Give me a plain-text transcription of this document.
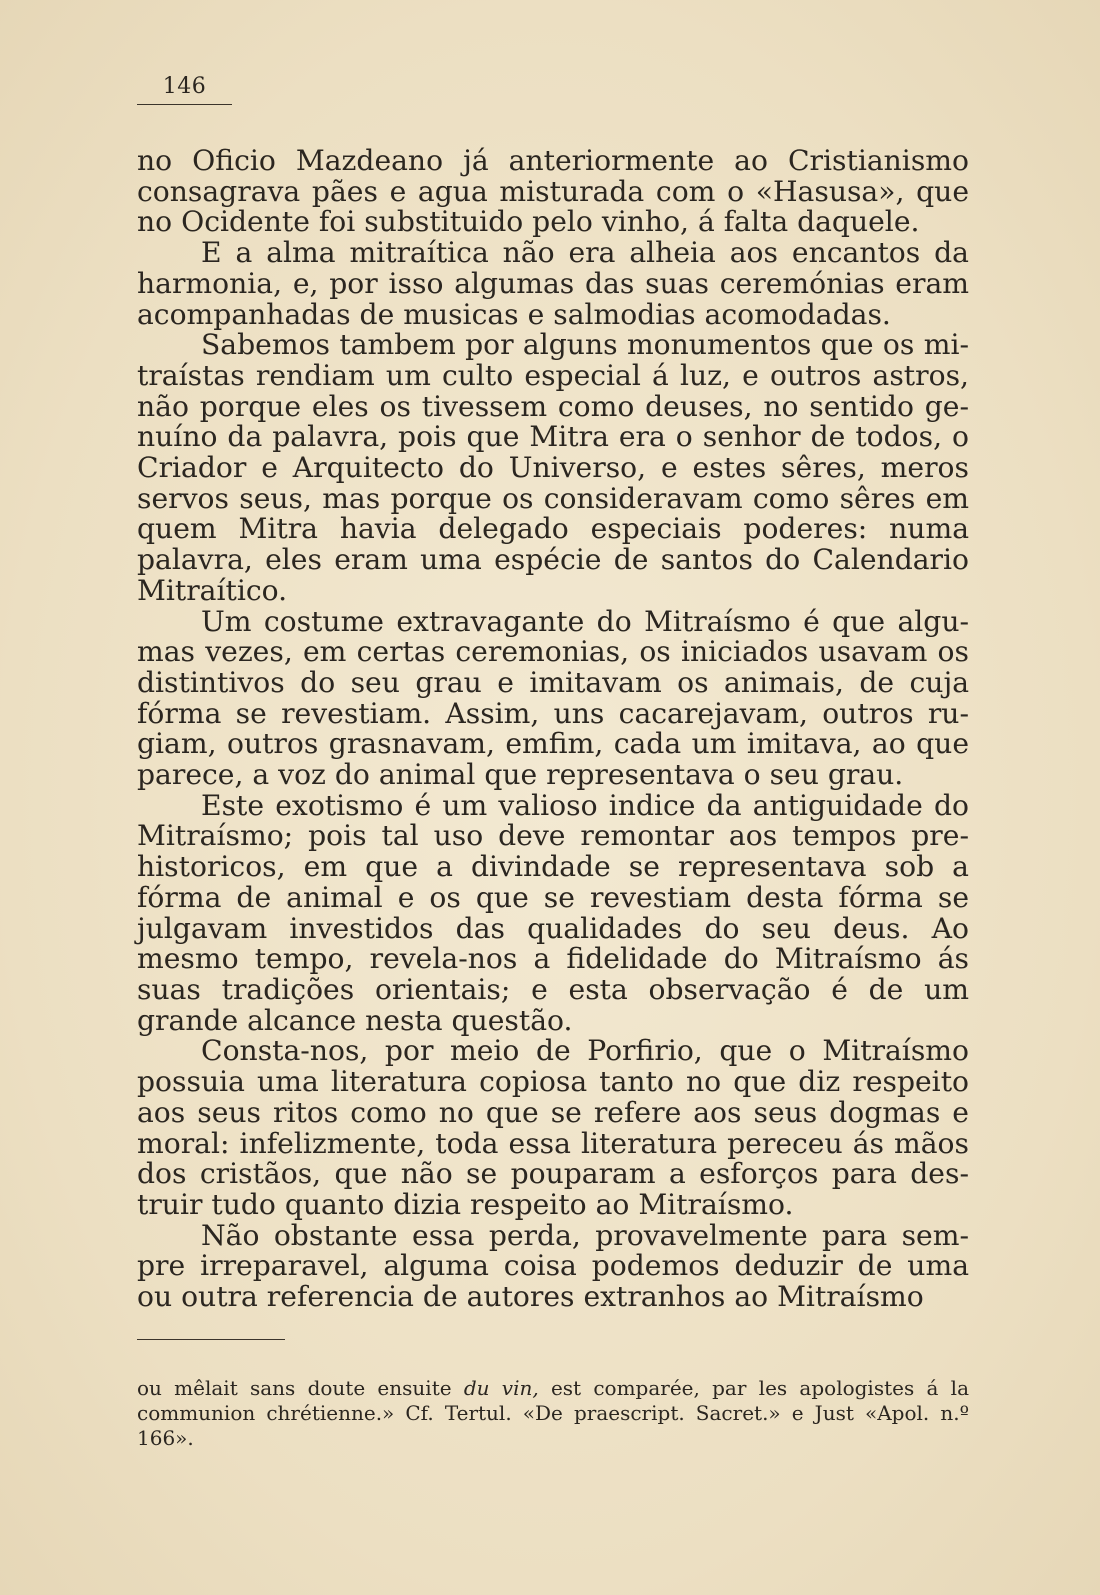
146

no Oficio Mazdeano já anteriormente ao Cristianismo consagrava pães e agua misturada com o «Hasusa», que no Ocidente foi substituido pelo vinho, á falta daquele.

E a alma mitraítica não era alheia aos encantos da harmonia, e, por isso algumas das suas ceremónias eram acompanhadas de musicas e salmodias acomodadas.

Sabemos tambem por alguns monumentos que os mitraístas rendiam um culto especial á luz, e outros astros, não porque eles os tivessem como deuses, no sentido genuíno da palavra, pois que Mitra era o senhor de todos, o Criador e Arquitecto do Universo, e estes sêres, meros servos seus, mas porque os consideravam como sêres em quem Mitra havia delegado especiais poderes: numa palavra, eles eram uma espécie de santos do Calendario Mitraítico.

Um costume extravagante do Mitraísmo é que algumas vezes, em certas ceremonias, os iniciados usavam os distintivos do seu grau e imitavam os animais, de cuja fórma se revestiam. Assim, uns cacarejavam, outros rugiam, outros grasnavam, emfim, cada um imitava, ao que parece, a voz do animal que representava o seu grau.

Este exotismo é um valioso indice da antiguidade do Mitraísmo; pois tal uso deve remontar aos tempos prehistoricos, em que a divindade se representava sob a fórma de animal e os que se revestiam desta fórma se julgavam investidos das qualidades do seu deus. Ao mesmo tempo, revela-nos a fidelidade do Mitraísmo ás suas tradições orientais; e esta observação é de um grande alcance nesta questão.

Consta-nos, por meio de Porfirio, que o Mitraísmo possuia uma literatura copiosa tanto no que diz respeito aos seus ritos como no que se refere aos seus dogmas e moral: infelizmente, toda essa literatura pereceu ás mãos dos cristãos, que não se pouparam a esforços para destruir tudo quanto dizia respeito ao Mitraísmo.

Não obstante essa perda, provavelmente para sempre irreparavel, alguma coisa podemos deduzir de uma ou outra referencia de autores extranhos ao Mitraísmo

ou mêlait sans doute ensuite du vin, est comparée, par les apologistes á la communion chrétienne.» Cf. Tertul. «De praescript. Sacret.» e Just «Apol. n.º 166».
